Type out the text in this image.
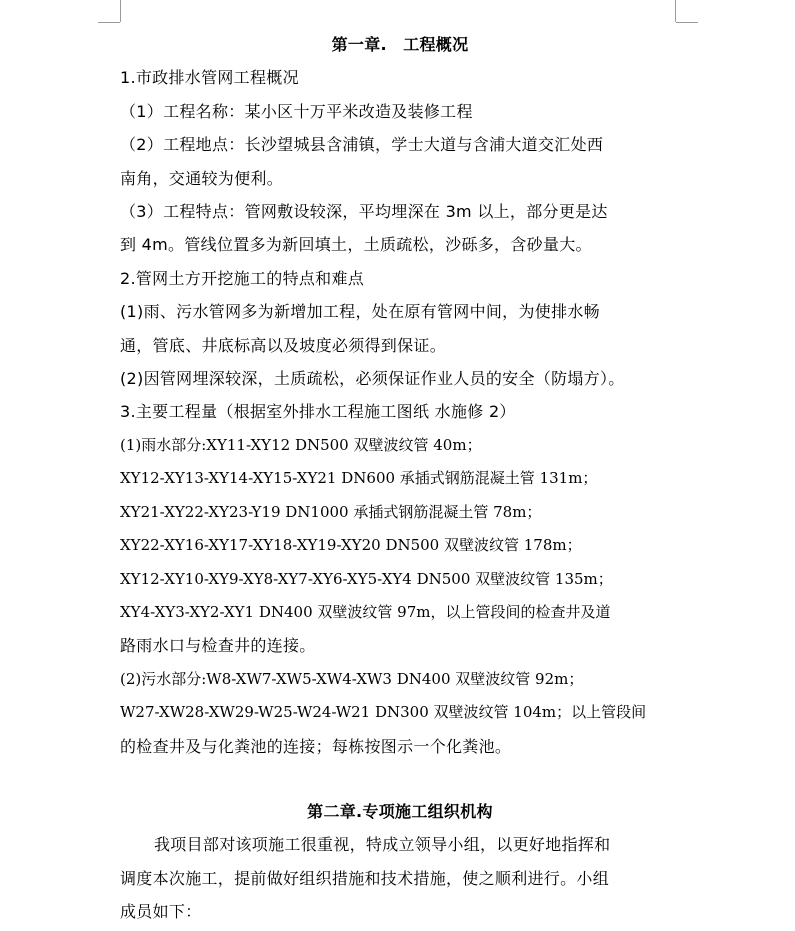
第一章.　工程概况
1.市政排水管网工程概况
（1）工程名称：某小区十万平米改造及装修工程
（2）工程地点：长沙望城县含浦镇，学士大道与含浦大道交汇处西
南角，交通较为便利。
（3）工程特点：管网敷设较深，平均埋深在 3m 以上，部分更是达
到 4m。管线位置多为新回填土，土质疏松，沙砾多，含砂量大。
2.管网土方开挖施工的特点和难点
(1)雨、污水管网多为新增加工程，处在原有管网中间，为使排水畅
通，管底、井底标高以及坡度必须得到保证。
(2)因管网埋深较深，土质疏松，必须保证作业人员的安全（防塌方）。
3.主要工程量（根据室外排水工程施工图纸 水施修 2）
(1)雨水部分:XY11-XY12 DN500 双壁波纹管 40m；
XY12-XY13-XY14-XY15-XY21 DN600 承插式钢筋混凝土管 131m；
XY21-XY22-XY23-Y19 DN1000 承插式钢筋混凝土管 78m；
XY22-XY16-XY17-XY18-XY19-XY20 DN500 双壁波纹管 178m；
XY12-XY10-XY9-XY8-XY7-XY6-XY5-XY4 DN500 双壁波纹管 135m；
XY4-XY3-XY2-XY1 DN400 双壁波纹管 97m，以上管段间的检查井及道
路雨水口与检查井的连接。
(2)污水部分:W8-XW7-XW5-XW4-XW3 DN400 双壁波纹管 92m；
W27-XW28-XW29-W25-W24-W21 DN300 双壁波纹管 104m；以上管段间
的检查井及与化粪池的连接；每栋按图示一个化粪池。
第二章.专项施工组织机构
我项目部对该项施工很重视，特成立领导小组，以更好地指挥和
调度本次施工，提前做好组织措施和技术措施，使之顺利进行。小组
成员如下：
